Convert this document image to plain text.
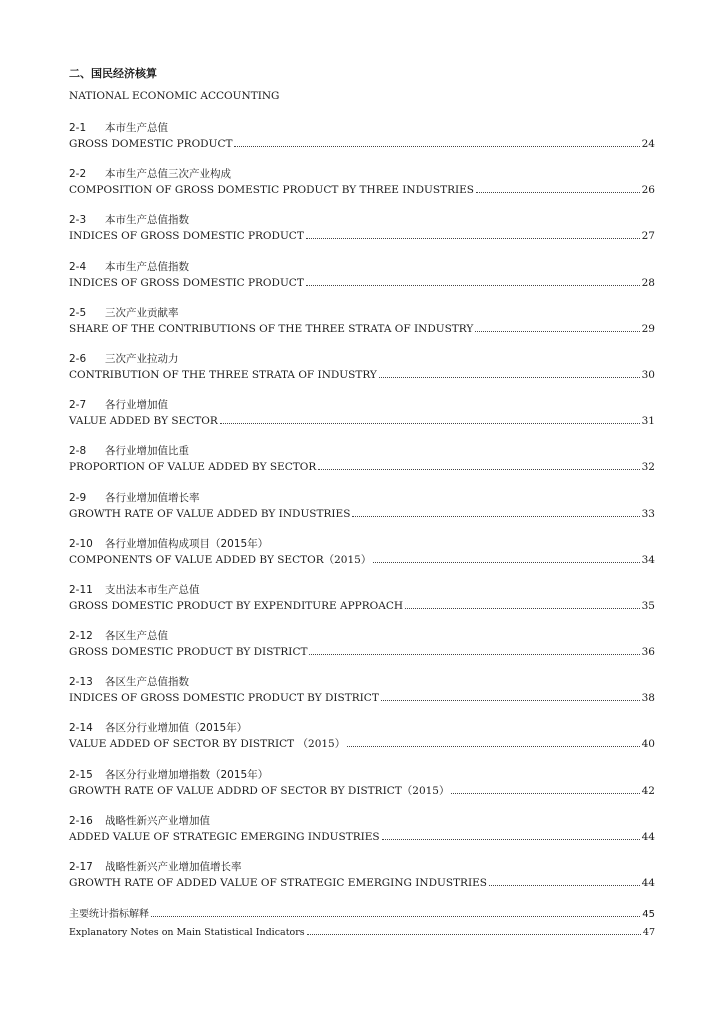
二、国民经济核算
NATIONAL ECONOMIC ACCOUNTING
2-1	本市生产总值
GROSS DOMESTIC PRODUCT	24
2-2	本市生产总值三次产业构成
COMPOSITION OF GROSS DOMESTIC PRODUCT BY THREE INDUSTRIES	26
2-3	本市生产总值指数
INDICES OF GROSS DOMESTIC PRODUCT	27
2-4	本市生产总值指数
INDICES OF GROSS DOMESTIC PRODUCT	28
2-5	三次产业贡献率
SHARE OF THE CONTRIBUTIONS OF THE THREE STRATA OF INDUSTRY	29
2-6	三次产业拉动力
CONTRIBUTION OF THE THREE STRATA OF INDUSTRY	30
2-7	各行业增加值
VALUE ADDED BY SECTOR	31
2-8	各行业增加值比重
PROPORTION OF VALUE ADDED BY SECTOR	32
2-9	各行业增加值增长率
GROWTH RATE OF VALUE ADDED BY INDUSTRIES	33
2-10	各行业增加值构成项目（2015年）
COMPONENTS OF VALUE ADDED BY SECTOR（2015）	34
2-11	支出法本市生产总值
GROSS DOMESTIC PRODUCT BY EXPENDITURE APPROACH	35
2-12	各区生产总值
GROSS DOMESTIC PRODUCT BY DISTRICT	36
2-13	各区生产总值指数
INDICES OF GROSS DOMESTIC PRODUCT BY DISTRICT	38
2-14	各区分行业增加值（2015年）
VALUE ADDED OF SECTOR BY DISTRICT （2015）	40
2-15	各区分行业增加增指数（2015年）
GROWTH RATE OF VALUE ADDRD OF SECTOR BY DISTRICT（2015）	42
2-16	战略性新兴产业增加值
ADDED VALUE OF STRATEGIC EMERGING INDUSTRIES	44
2-17	战略性新兴产业增加值增长率
GROWTH RATE OF ADDED VALUE OF STRATEGIC EMERGING INDUSTRIES	44
主要统计指标解释	45
Explanatory Notes on Main Statistical Indicators	47
